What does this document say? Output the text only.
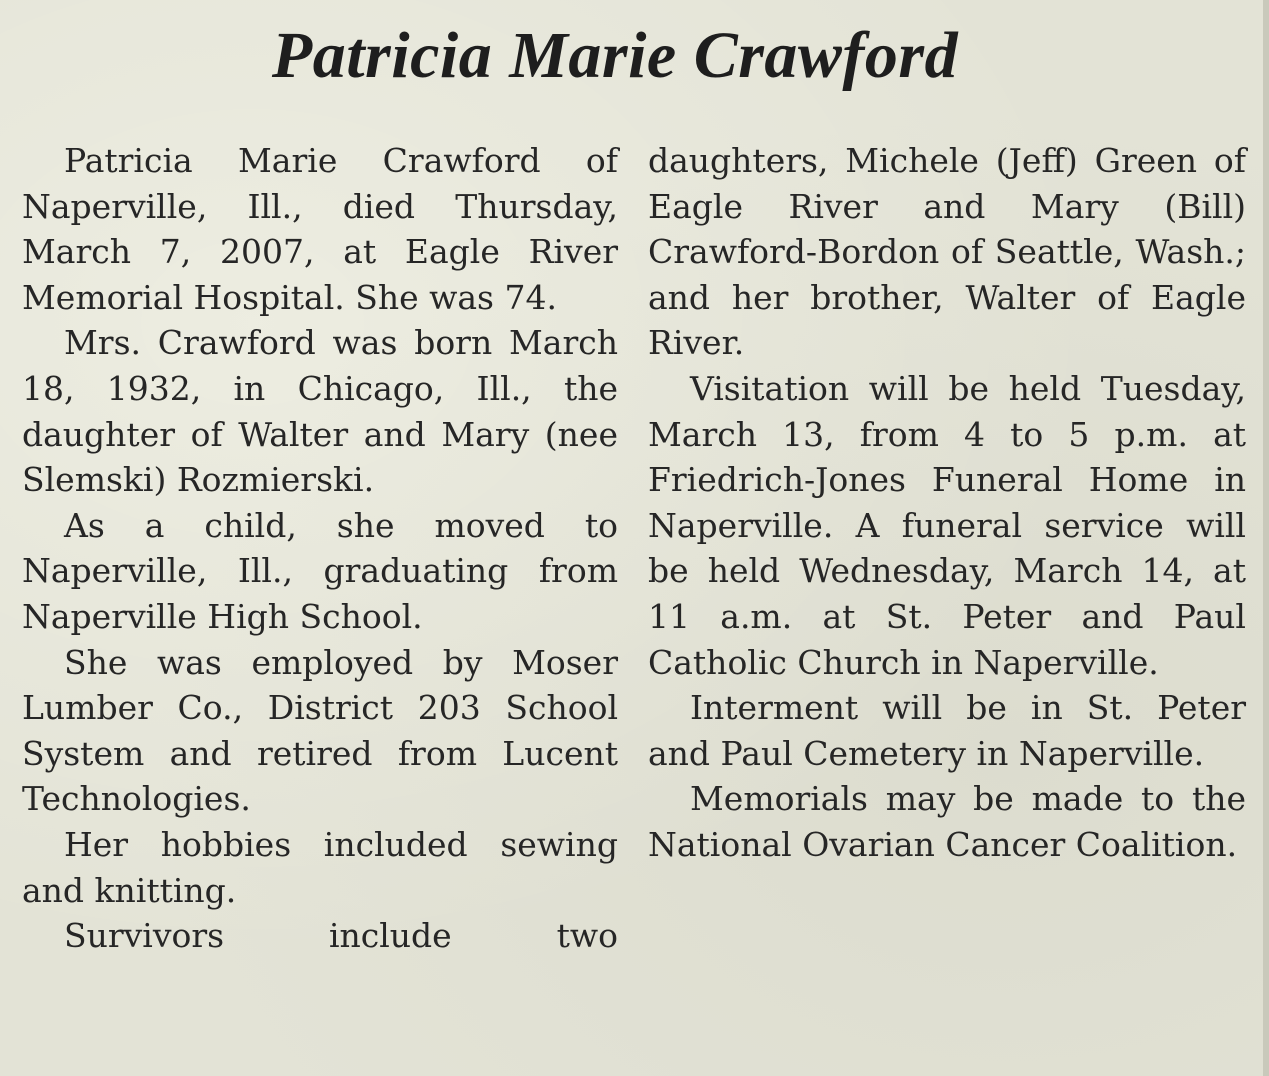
Patricia Marie Crawford

Patricia Marie Crawford of Naperville, Ill., died Thursday, March 7, 2007, at Eagle River Memorial Hospital. She was 74.

Mrs. Crawford was born March 18, 1932, in Chicago, Ill., the daughter of Walter and Mary (nee Slemski) Rozmierski.

As a child, she moved to Naperville, Ill., graduating from Naperville High School.

She was employed by Moser Lumber Co., District 203 School System and retired from Lucent Technologies.

Her hobbies included sewing and knitting.

Survivors include two

daughters, Michele (Jeff) Green of Eagle River and Mary (Bill) Crawford-Bordon of Seattle, Wash.; and her brother, Walter of Eagle River.

Visitation will be held Tuesday, March 13, from 4 to 5 p.m. at Friedrich-Jones Funeral Home in Naperville. A funeral service will be held Wednesday, March 14, at 11 a.m. at St. Peter and Paul Catholic Church in Naperville.

Interment will be in St. Peter and Paul Cemetery in Naperville.

Memorials may be made to the National Ovarian Cancer Coalition.
